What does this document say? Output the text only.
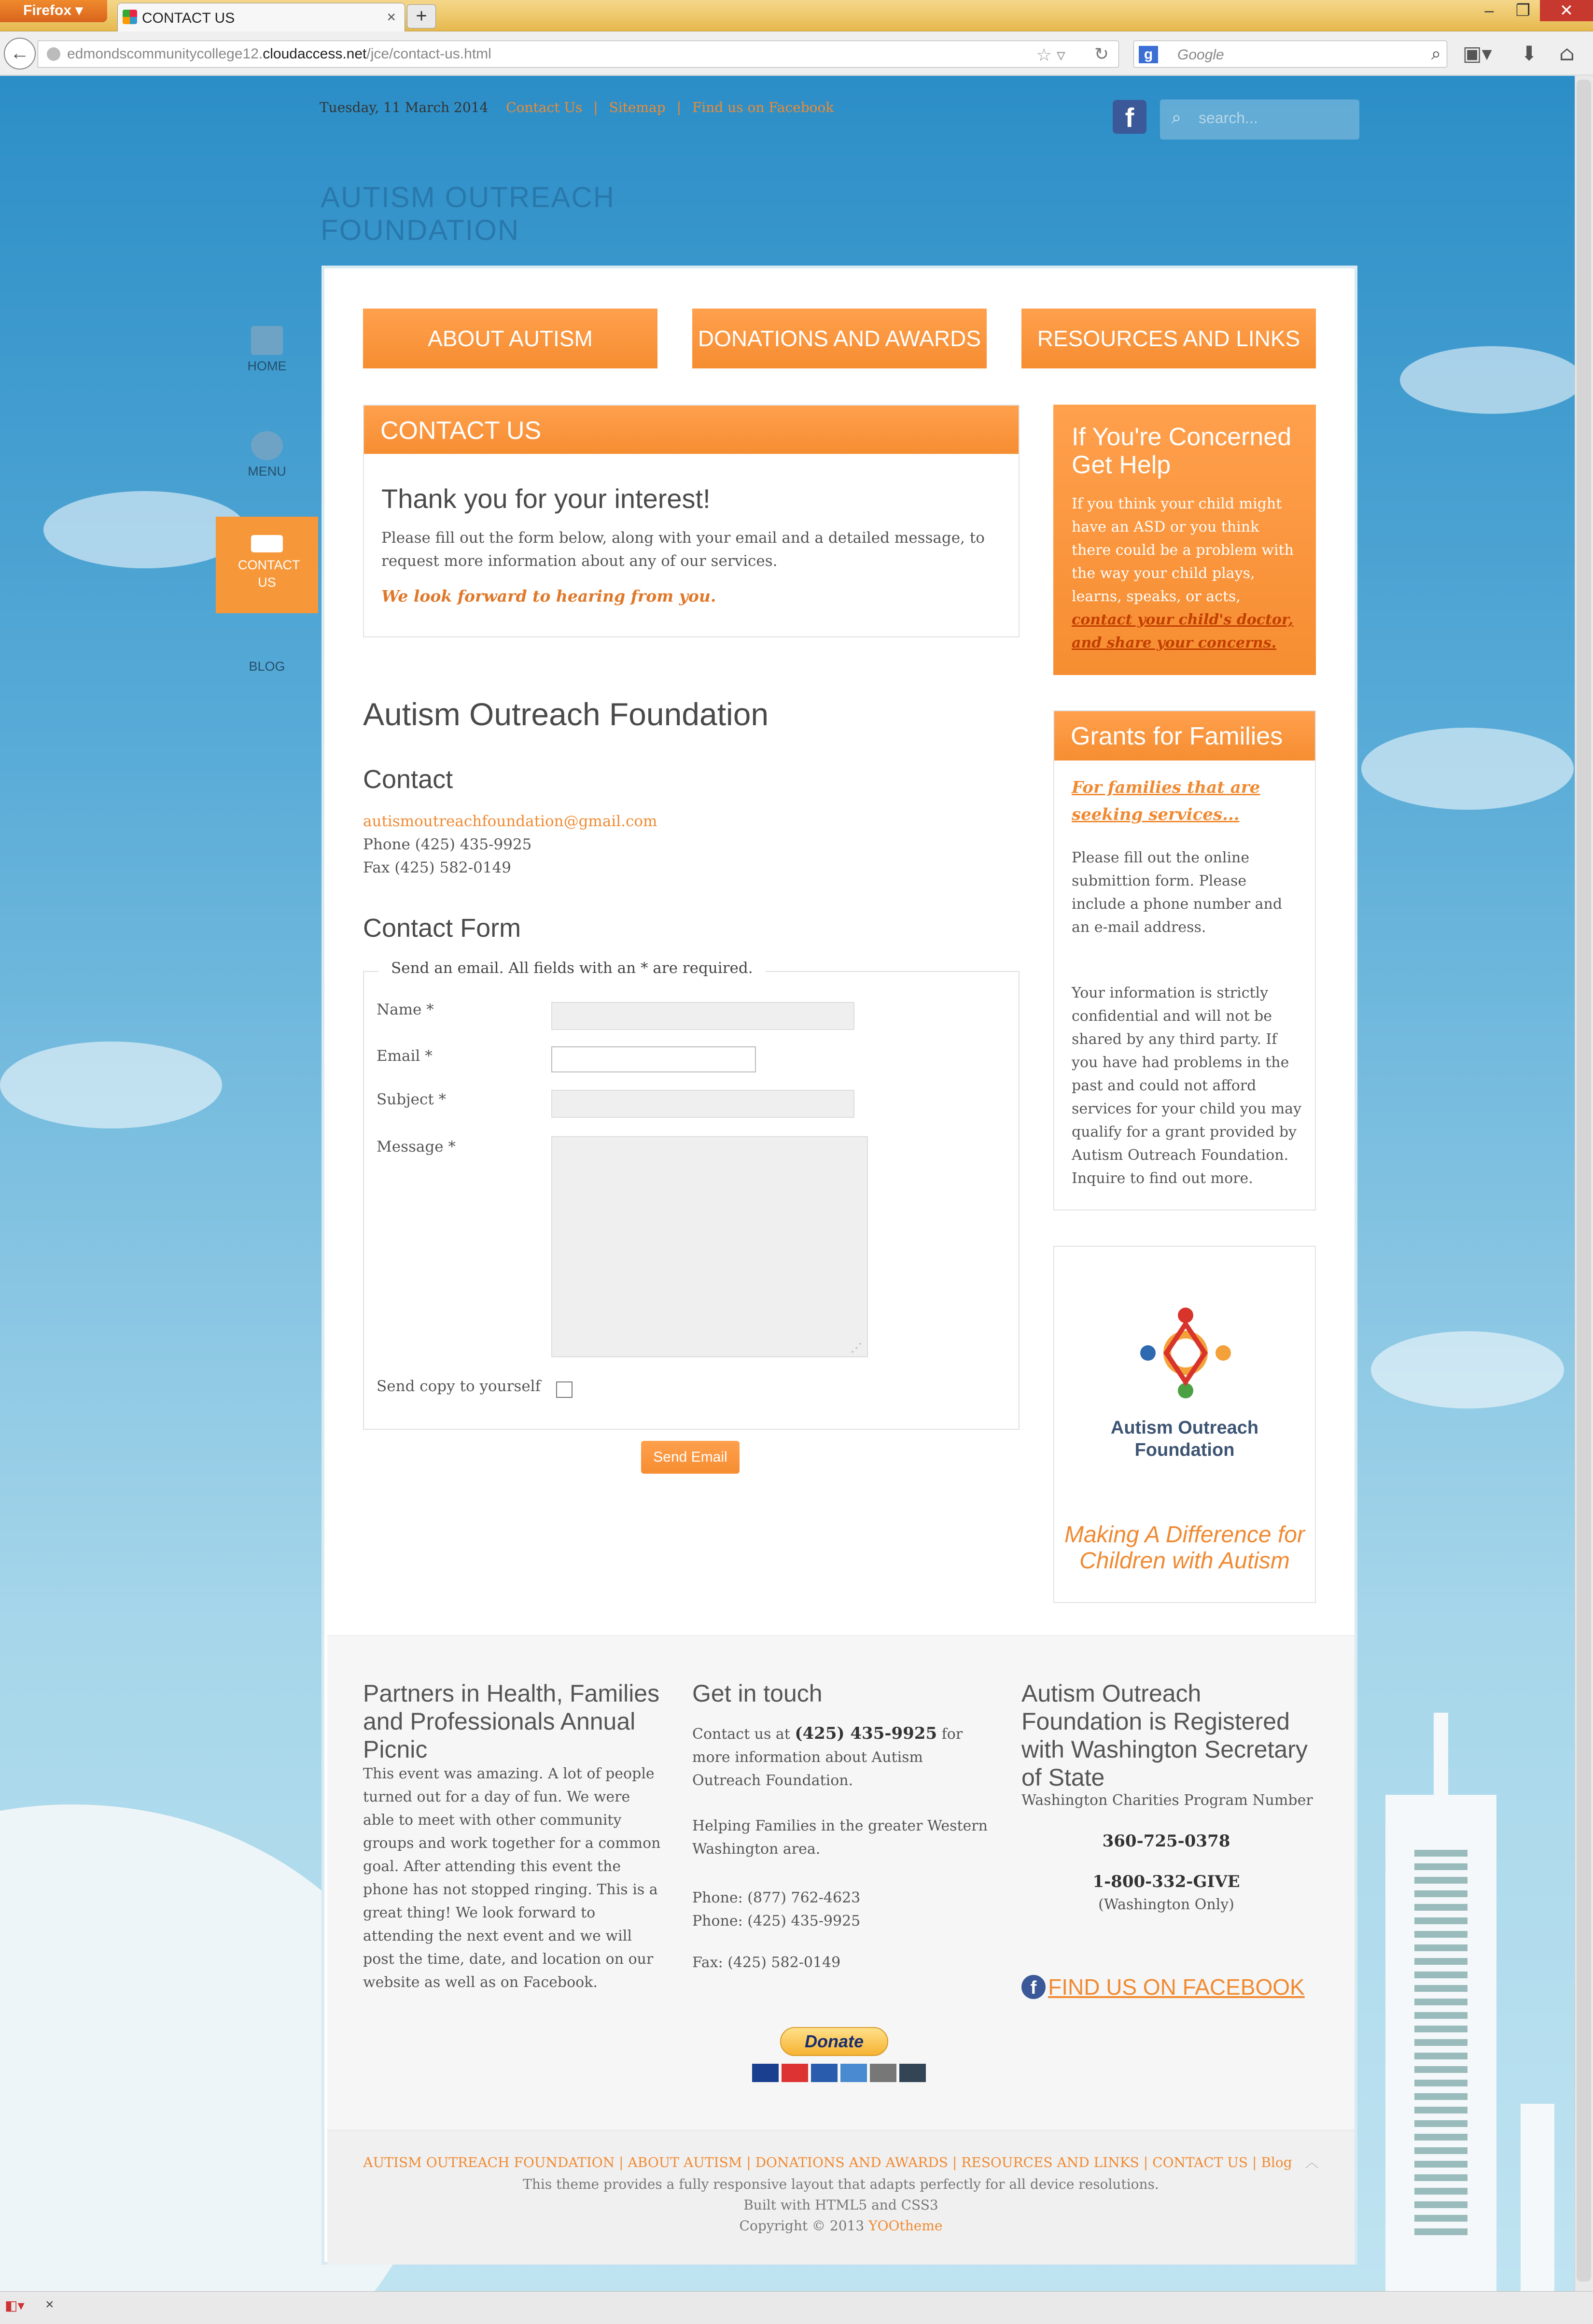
Firefox ▾	CONTACT US	×	+	–	❐	✕
←	edmondscommunitycollege12.cloudaccess.net/jce/contact-us.html	☆ ▿ ↻	g	Google	⌕ ▣▾ ⬇ ⌂
Tuesday, 11 March 2014 Contact Us | Sitemap | Find us on Facebook	f	⌕ search...
AUTISM OUTREACH
FOUNDATION
HOME
MENU
CONTACT US
BLOG
ABOUT AUTISM	DONATIONS AND AWARDS	RESOURCES AND LINKS
CONTACT US
Thank you for your interest!

Please fill out the form below, along with your email and a detailed message, to request more information about any of our services.

We look forward to hearing from you.

Autism Outreach Foundation
Contact
autismoutreachfoundation@gmail.com
Phone (425) 435-9925
Fax (425) 582-0149
Contact Form
Send an email. All fields with an * are required.
Name *
Email *
Subject *
Message *
⋰
Send copy to yourself
Send Email
If You're Concerned
Get Help

If you think your child might have an ASD or you think there could be a problem with the way your child plays, learns, speaks, or acts, contact your child's doctor, and share your concerns.

Grants for Families
For families that are seeking services...

Please fill out the online submittion form. Please include a phone number and an e-mail address.

Your information is strictly confidential and will not be shared by any third party. If you have had problems in the past and could not afford services for your child you may qualify for a grant provided by Autism Outreach Foundation. Inquire to find out more.

Autism Outreach
Foundation
Making A Difference for
Children with Autism
Partners in Health, Families and Professionals Annual Picnic

This event was amazing. A lot of people turned out for a day of fun. We were able to meet with other community groups and work together for a common goal. After attending this event the phone has not stopped ringing. This is a great thing! We look forward to attending the next event and we will post the time, date, and location on our website as well as on Facebook.

Get in touch

Contact us at (425) 435-9925 for more information about Autism Outreach Foundation.

Helping Families in the greater Western Washington area.

Phone: (877) 762-4623
Phone: (425) 435-9925
Fax: (425) 582-0149
Autism Outreach Foundation is Registered with Washington Secretary of State
Washington Charities Program Number
360-725-0378
1-800-332-GIVE
(Washington Only)
f FIND US ON FACEBOOK
Donate
AUTISM OUTREACH FOUNDATION | ABOUT AUTISM | DONATIONS AND AWARDS | RESOURCES AND LINKS | CONTACT US | Blog ︿
This theme provides a fully responsive layout that adapts perfectly for all device resolutions.
Built with HTML5 and CSS3
Copyright © 2013 YOOtheme
◧▾ ×
